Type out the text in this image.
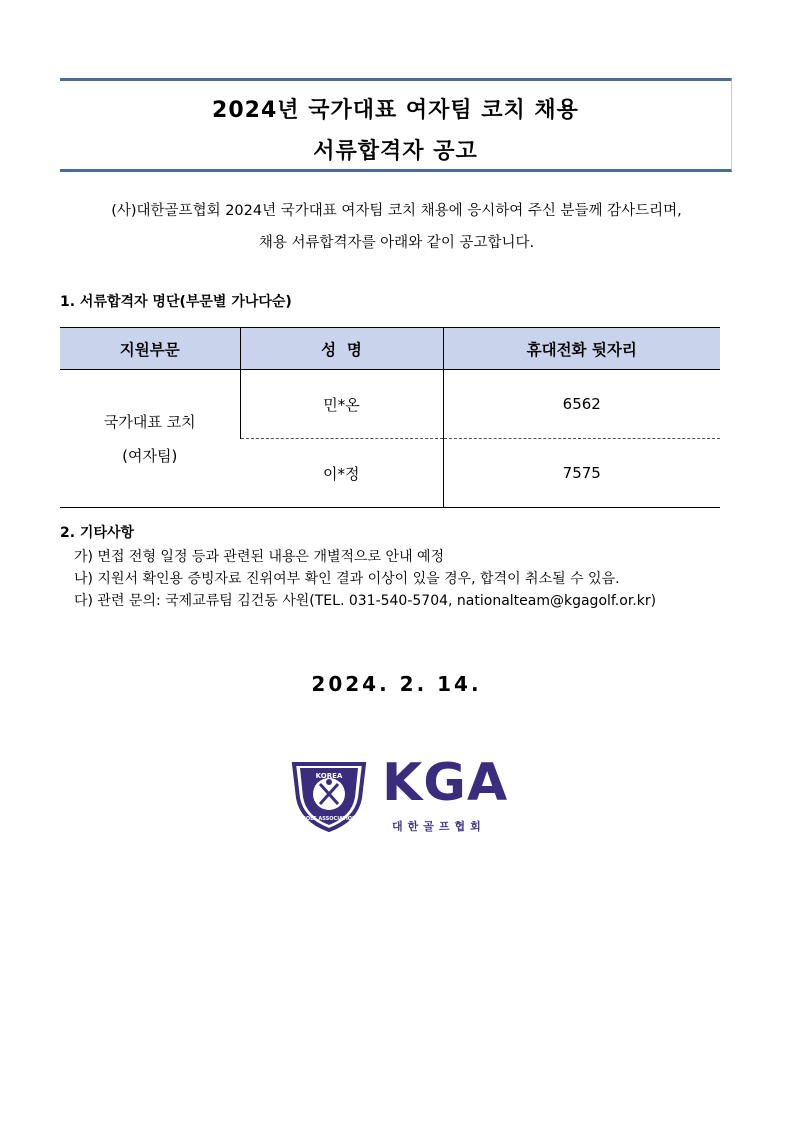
2024년 국가대표 여자팀 코치 채용
서류합격자 공고
(사)대한골프협회 2024년 국가대표 여자팀 코치 채용에 응시하여 주신 분들께 감사드리며,
채용 서류합격자를 아래와 같이 공고합니다.
1. 서류합격자 명단(부문별 가나다순)
지원부문	성  명	휴대전화 뒷자리

국가대표 코치
(여자팀)	민*온	6562
	이*정	7575
2. 기타사항
가) 면접 전형 일정 등과 관련된 내용은 개별적으로 안내 예정
나) 지원서 확인용 증빙자료 진위여부 확인 결과 이상이 있을 경우, 합격이 취소될 수 있음.
다) 관련 문의: 국제교류팀 김건동 사원(TEL. 031-540-5704, nationalteam@kgagolf.or.kr)
2024. 2. 14.
KOREA
GOLF ASSOCIATION
KGA
대한골프협회
